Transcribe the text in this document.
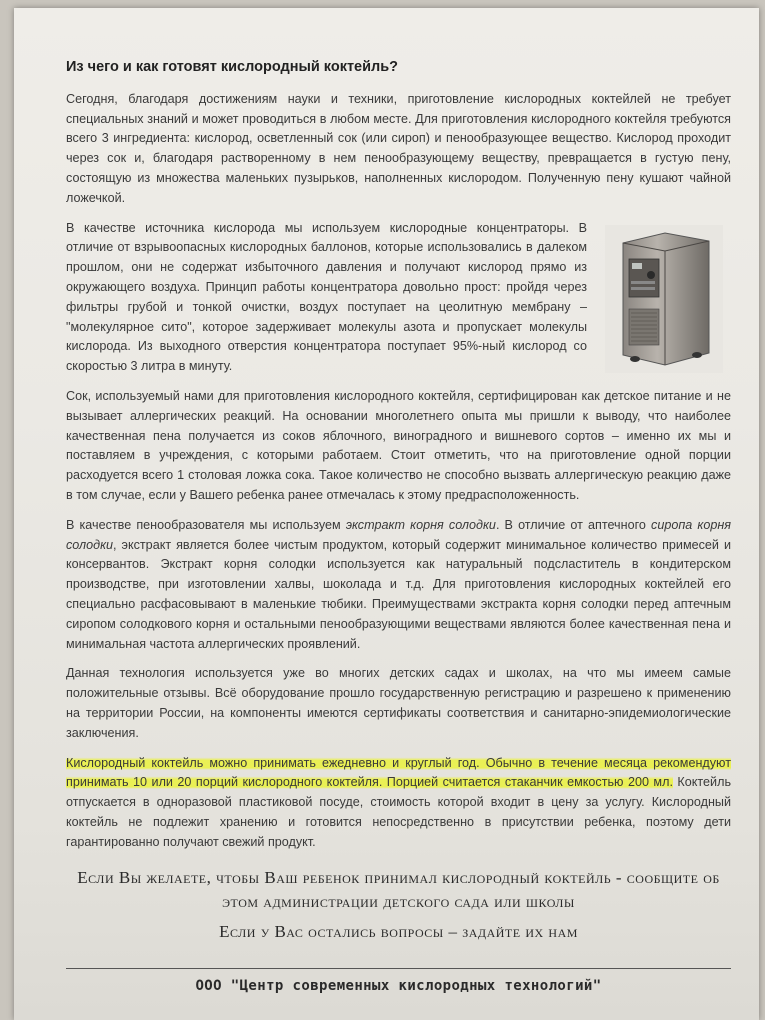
Из чего и как готовят кислородный коктейль?

Сегодня, благодаря достижениям науки и техники, приготовление кислородных коктейлей не требует специальных знаний и может проводиться в любом месте. Для приготовления кислородного коктейля требуются всего 3 ингредиента: кислород, осветленный сок (или сироп) и пенообразующее вещество. Кислород проходит через сок и, благодаря растворенному в нем пенообразующему веществу, превращается в густую пену, состоящую из множества маленьких пузырьков, наполненных кислородом. Полученную пену кушают чайной ложечкой.

В качестве источника кислорода мы используем кислородные концентраторы. В отличие от взрывоопасных кислородных баллонов, которые использовались в далеком прошлом, они не содержат избыточного давления и получают кислород прямо из окружающего воздуха. Принцип работы концентратора довольно прост: пройдя через фильтры грубой и тонкой очистки, воздух поступает на цеолитную мембрану – "молекулярное сито", которое задерживает молекулы азота и пропускает молекулы кислорода. Из выходного отверстия концентратора поступает 95%-ный кислород со скоростью 3 литра в минуту.

Сок, используемый нами для приготовления кислородного коктейля, сертифицирован как детское питание и не вызывает аллергических реакций. На основании многолетнего опыта мы пришли к выводу, что наиболее качественная пена получается из соков яблочного, виноградного и вишневого сортов – именно их мы и поставляем в учреждения, с которыми работаем. Стоит отметить, что на приготовление одной порции расходуется всего 1 столовая ложка сока. Такое количество не способно вызвать аллергическую реакцию даже в том случае, если у Вашего ребенка ранее отмечалась к этому предрасположенность.

В качестве пенообразователя мы используем экстракт корня солодки. В отличие от аптечного сиропа корня солодки, экстракт является более чистым продуктом, который содержит минимальное количество примесей и консервантов. Экстракт корня солодки используется как натуральный подсластитель в кондитерском производстве, при изготовлении халвы, шоколада и т.д. Для приготовления кислородных коктейлей его специально расфасовывают в маленькие тюбики. Преимуществами экстракта корня солодки перед аптечным сиропом солодкового корня и остальными пенообразующими веществами являются более качественная пена и минимальная частота аллергических проявлений.

Данная технология используется уже во многих детских садах и школах, на что мы имеем самые положительные отзывы. Всё оборудование прошло государственную регистрацию и разрешено к применению на территории России, на компоненты имеются сертификаты соответствия и санитарно-эпидемиологические заключения.

Кислородный коктейль можно принимать ежедневно и круглый год. Обычно в течение месяца рекомендуют принимать 10 или 20 порций кислородного коктейля. Порцией считается стаканчик емкостью 200 мл. Коктейль отпускается в одноразовой пластиковой посуде, стоимость которой входит в цену за услугу. Кислородный коктейль не подлежит хранению и готовится непосредственно в присутствии ребенка, поэтому дети гарантированно получают свежий продукт.

Если Вы желаете, чтобы Ваш ребенок принимал кислородный коктейль - сообщите об этом администрации детского сада или школы
Если у Вас остались вопросы – задайте их нам
ООО "Центр современных кислородных технологий"
